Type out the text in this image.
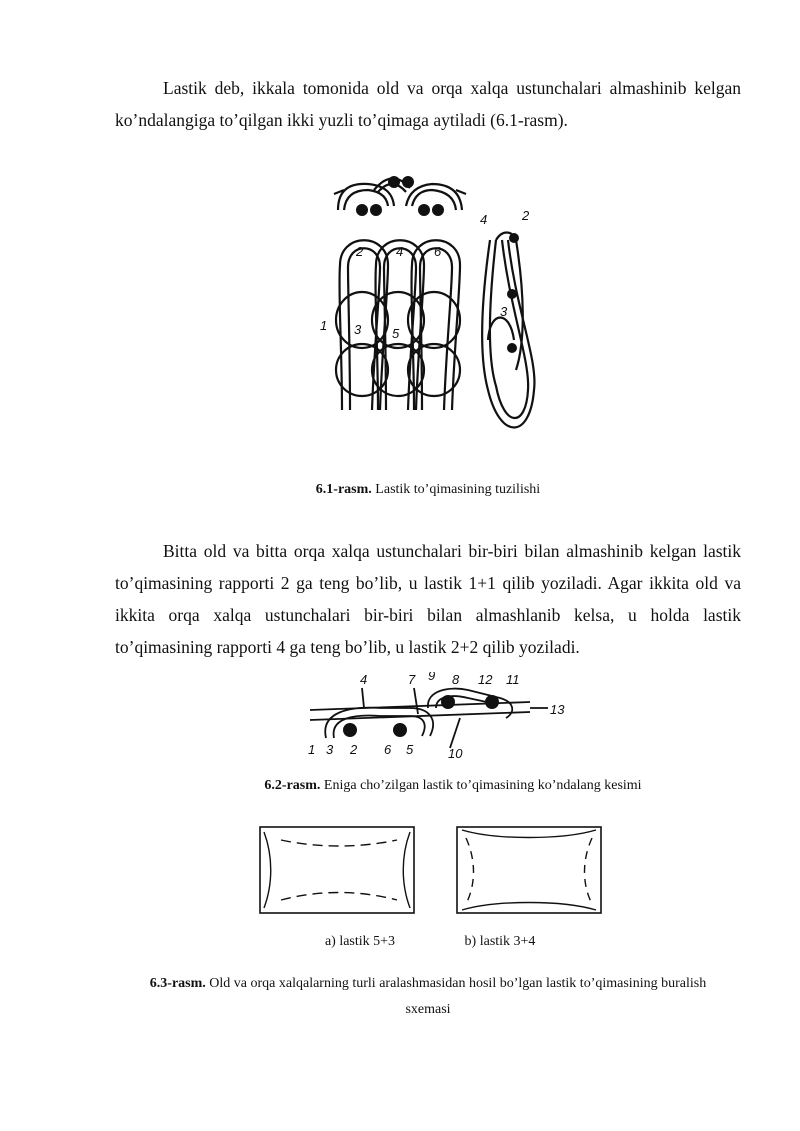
Lastik deb, ikkala tomonida old va orqa xalqa ustunchalari almashinib kelgan ko’ndalangiga to’qilgan ikki yuzli to’qimaga aytiladi (6.1-rasm).

2	4 6
4	2
1 3 5
3
6.1-rasm. Lastik to’qimasining tuzilishi

Bitta old va bitta orqa xalqa ustunchalari bir-biri bilan almashinib kelgan lastik to’qimasining rapporti 2 ga teng bo’lib, u lastik 1+1 qilib yoziladi. Agar ikkita old va ikkita orqa xalqa ustunchalari bir-biri bilan almashlanib kelsa, u holda lastik to’qimasining rapporti 4 ga teng bo’lib, u lastik 2+2 qilib yoziladi.

4	7 9 8 12 11
13
1 3 2 6 5	10
6.2-rasm. Eniga cho’zilgan lastik to’qimasining ko’ndalang kesimi
a) lastik 5+3	b) lastik 3+4
6.3-rasm. Old va orqa xalqalarning turli aralashmasidan hosil bo’lgan lastik to’qimasining buralish
sxemasi
